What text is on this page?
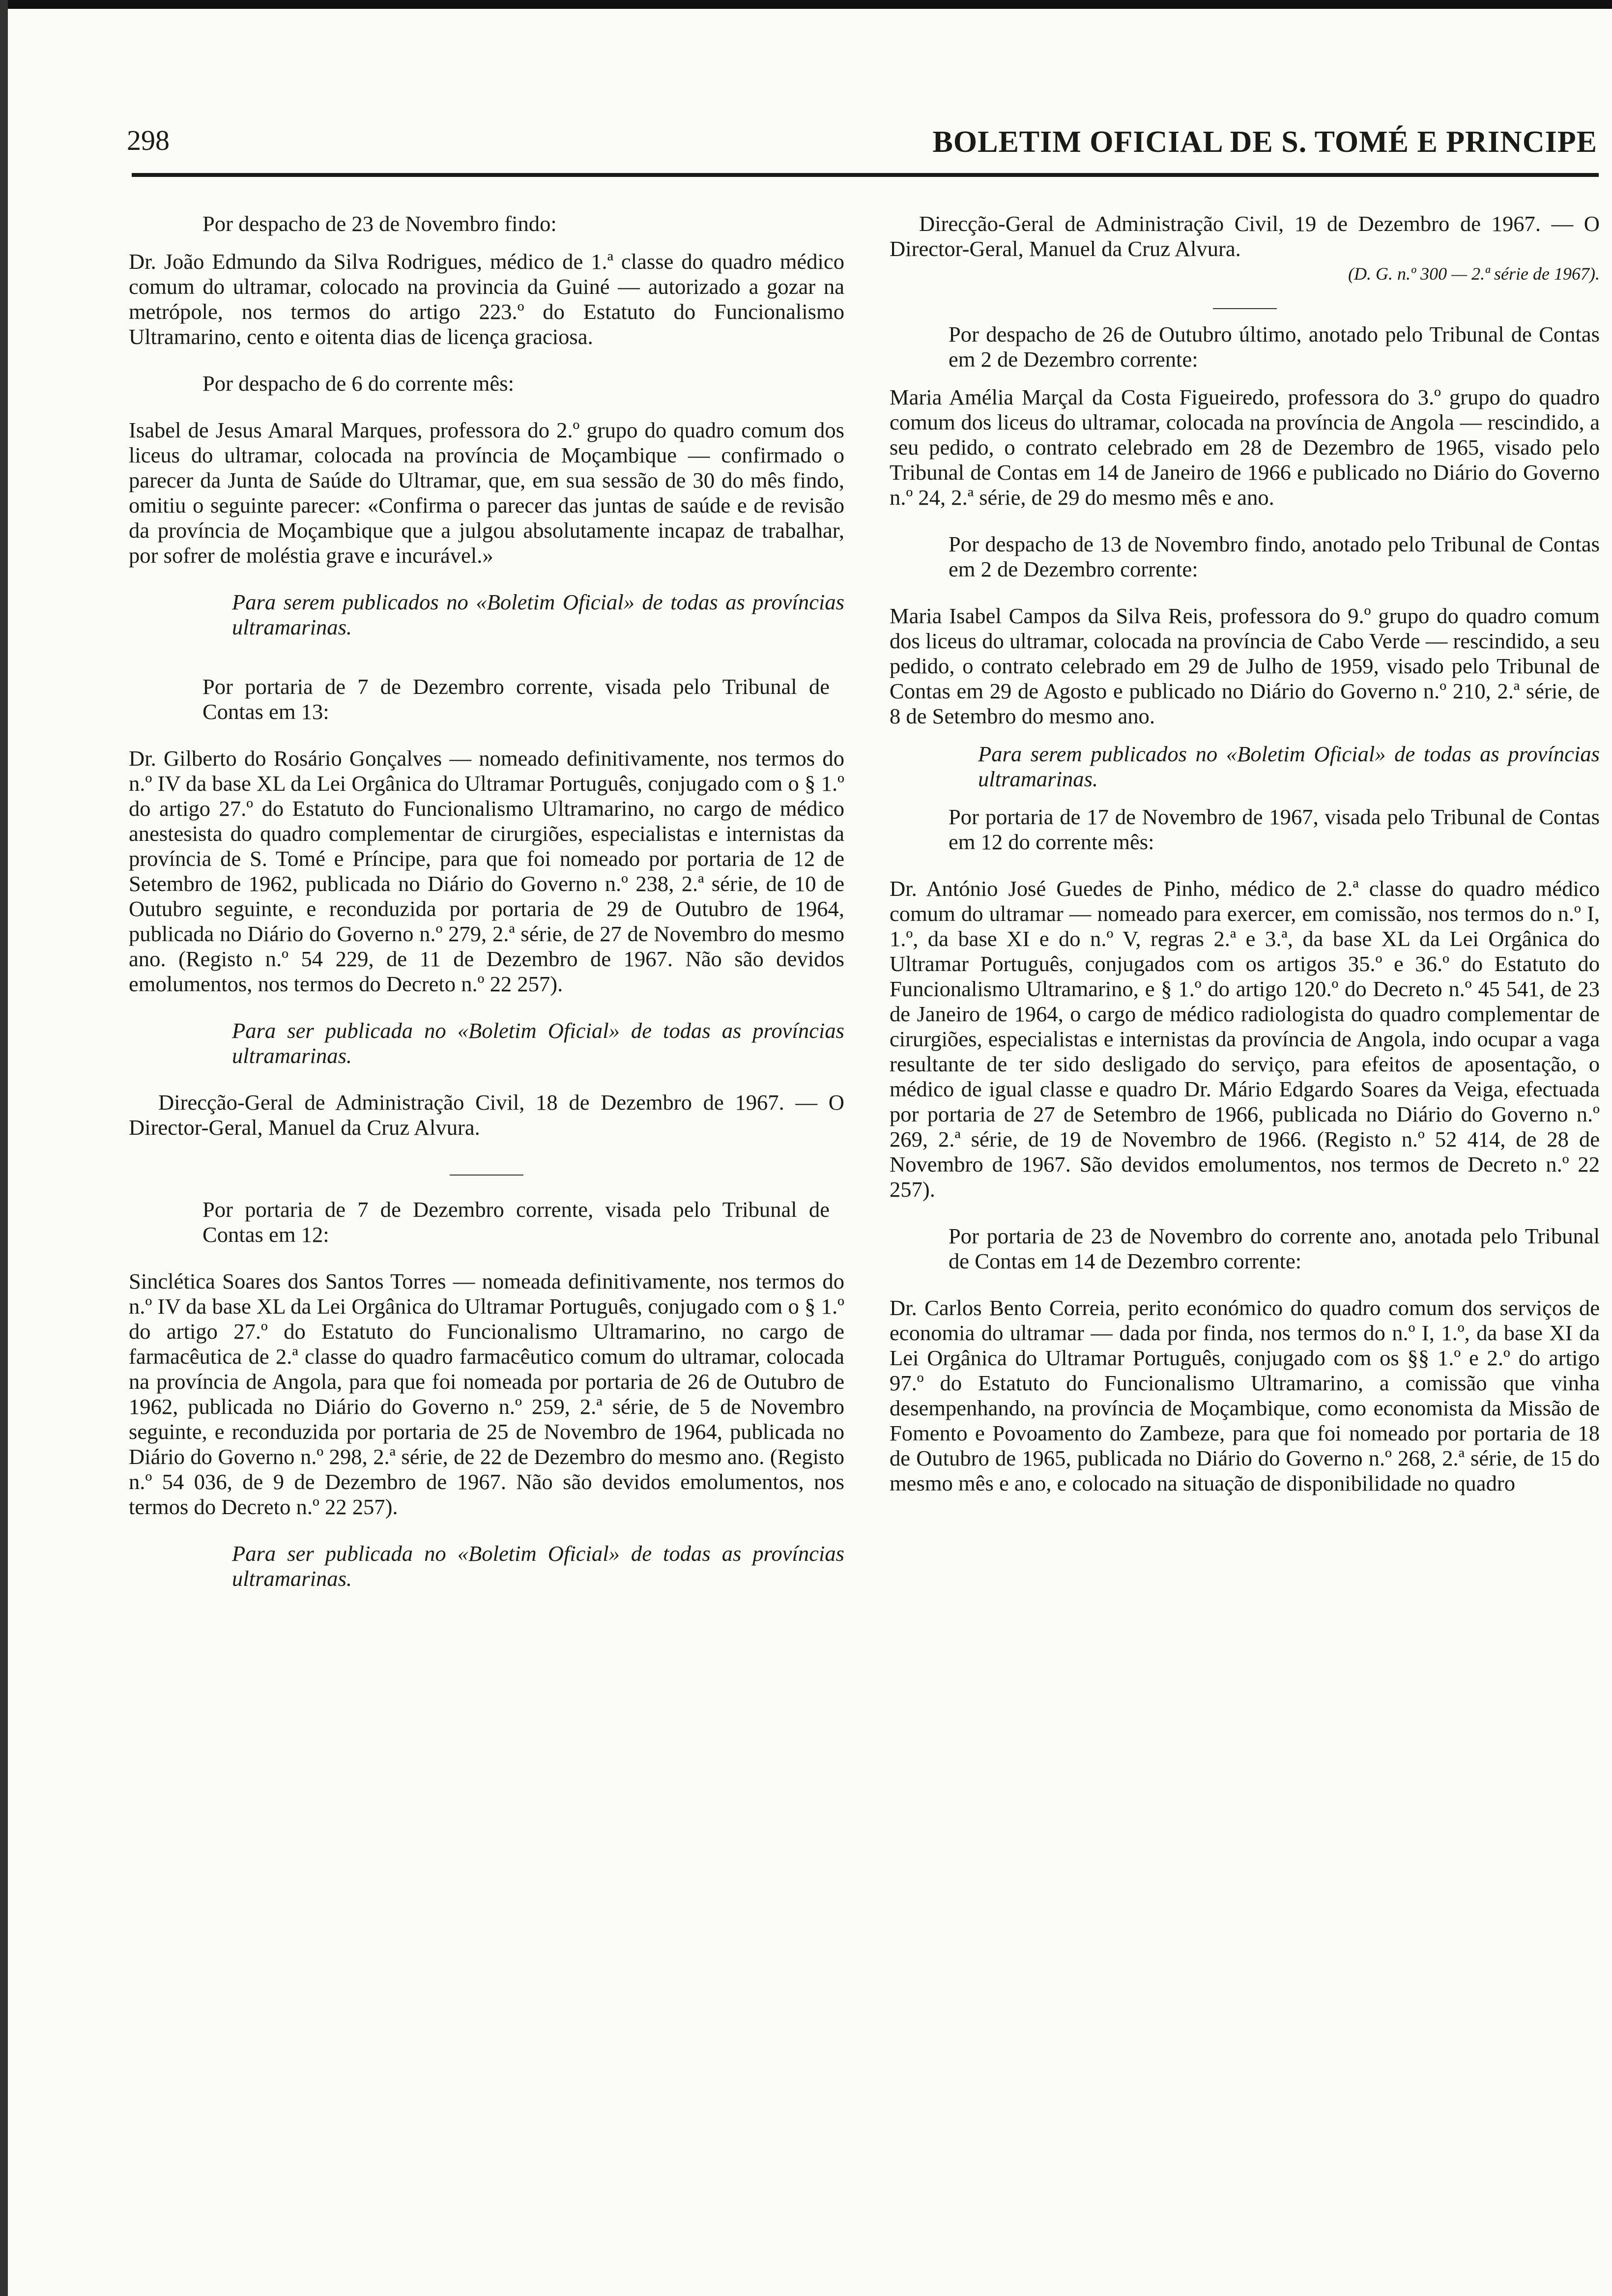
298	BOLETIM OFICIAL DE S. TOMÉ E PRINCIPE

Por despacho de 23 de Novembro findo:

Dr. João Edmundo da Silva Rodrigues, médico de 1.ª classe do quadro médico comum do ultramar, colocado na provincia da Guiné — autorizado a gozar na metrópole, nos termos do artigo 223.º do Estatuto do Funcionalismo Ultramarino, cento e oitenta dias de licença graciosa.

Por despacho de 6 do corrente mês:

Isabel de Jesus Amaral Marques, professora do 2.º grupo do quadro comum dos liceus do ultramar, colocada na província de Moçambique — confirmado o parecer da Junta de Saúde do Ultramar, que, em sua sessão de 30 do mês findo, omitiu o seguinte parecer: «Confirma o parecer das juntas de saúde e de revisão da província de Moçambique que a julgou absolutamente incapaz de trabalhar, por sofrer de moléstia grave e incurável.»

Para serem publicados no «Boletim Oficial» de todas as províncias ultramarinas.

Por portaria de 7 de Dezembro corrente, visada pelo Tribunal de Contas em 13:

Dr. Gilberto do Rosário Gonçalves — nomeado definitivamente, nos termos do n.º IV da base XL da Lei Orgânica do Ultramar Português, conjugado com o § 1.º do artigo 27.º do Estatuto do Funcionalismo Ultramarino, no cargo de médico anestesista do quadro complementar de cirurgiões, especialistas e internistas da província de S. Tomé e Príncipe, para que foi nomeado por portaria de 12 de Setembro de 1962, publicada no Diário do Governo n.º 238, 2.ª série, de 10 de Outubro seguinte, e reconduzida por portaria de 29 de Outubro de 1964, publicada no Diário do Governo n.º 279, 2.ª série, de 27 de Novembro do mesmo ano. (Registo n.º 54 229, de 11 de Dezembro de 1967. Não são devidos emolumentos, nos termos do Decreto n.º 22 257).

Para ser publicada no «Boletim Oficial» de todas as províncias ultramarinas.

Direcção-Geral de Administração Civil, 18 de Dezembro de 1967. — O Director-Geral, Manuel da Cruz Alvura.

Por portaria de 7 de Dezembro corrente, visada pelo Tribunal de Contas em 12:

Sinclética Soares dos Santos Torres — nomeada definitivamente, nos termos do n.º IV da base XL da Lei Orgânica do Ultramar Português, conjugado com o § 1.º do artigo 27.º do Estatuto do Funcionalismo Ultramarino, no cargo de farmacêutica de 2.ª classe do quadro farmacêutico comum do ultramar, colocada na província de Angola, para que foi nomeada por portaria de 26 de Outubro de 1962, publicada no Diário do Governo n.º 259, 2.ª série, de 5 de Novembro seguinte, e reconduzida por portaria de 25 de Novembro de 1964, publicada no Diário do Governo n.º 298, 2.ª série, de 22 de Dezembro do mesmo ano. (Registo n.º 54 036, de 9 de Dezembro de 1967. Não são devidos emolumentos, nos termos do Decreto n.º 22 257).

Para ser publicada no «Boletim Oficial» de todas as províncias ultramarinas.

Direcção-Geral de Administração Civil, 19 de Dezembro de 1967. — O Director-Geral, Manuel da Cruz Alvura.

(D. G. n.º 300 — 2.ª série de 1967).

Por despacho de 26 de Outubro último, anotado pelo Tribunal de Contas em 2 de Dezembro corrente:

Maria Amélia Marçal da Costa Figueiredo, professora do 3.º grupo do quadro comum dos liceus do ultramar, colocada na província de Angola — rescindido, a seu pedido, o contrato celebrado em 28 de Dezembro de 1965, visado pelo Tribunal de Contas em 14 de Janeiro de 1966 e publicado no Diário do Governo n.º 24, 2.ª série, de 29 do mesmo mês e ano.

Por despacho de 13 de Novembro findo, anotado pelo Tribunal de Contas em 2 de Dezembro corrente:

Maria Isabel Campos da Silva Reis, professora do 9.º grupo do quadro comum dos liceus do ultramar, colocada na província de Cabo Verde — rescindido, a seu pedido, o contrato celebrado em 29 de Julho de 1959, visado pelo Tribunal de Contas em 29 de Agosto e publicado no Diário do Governo n.º 210, 2.ª série, de 8 de Setembro do mesmo ano.

Para serem publicados no «Boletim Oficial» de todas as províncias ultramarinas.

Por portaria de 17 de Novembro de 1967, visada pelo Tribunal de Contas em 12 do corrente mês:

Dr. António José Guedes de Pinho, médico de 2.ª classe do quadro médico comum do ultramar — nomeado para exercer, em comissão, nos termos do n.º I, 1.º, da base XI e do n.º V, regras 2.ª e 3.ª, da base XL da Lei Orgânica do Ultramar Português, conjugados com os artigos 35.º e 36.º do Estatuto do Funcionalismo Ultramarino, e § 1.º do artigo 120.º do Decreto n.º 45 541, de 23 de Janeiro de 1964, o cargo de médico radiologista do quadro complementar de cirurgiões, especialistas e internistas da província de Angola, indo ocupar a vaga resultante de ter sido desligado do serviço, para efeitos de aposentação, o médico de igual classe e quadro Dr. Mário Edgardo Soares da Veiga, efectuada por portaria de 27 de Setembro de 1966, publicada no Diário do Governo n.º 269, 2.ª série, de 19 de Novembro de 1966. (Registo n.º 52 414, de 28 de Novembro de 1967. São devidos emolumentos, nos termos de Decreto n.º 22 257).

Por portaria de 23 de Novembro do corrente ano, anotada pelo Tribunal de Contas em 14 de Dezembro corrente:

Dr. Carlos Bento Correia, perito económico do quadro comum dos serviços de economia do ultramar — dada por finda, nos termos do n.º I, 1.º, da base XI da Lei Orgânica do Ultramar Português, conjugado com os §§ 1.º e 2.º do artigo 97.º do Estatuto do Funcionalismo Ultramarino, a comissão que vinha desempenhando, na província de Moçambique, como economista da Missão de Fomento e Povoamento do Zambeze, para que foi nomeado por portaria de 18 de Outubro de 1965, publicada no Diário do Governo n.º 268, 2.ª série, de 15 do mesmo mês e ano, e colocado na situação de disponibilidade no quadro
